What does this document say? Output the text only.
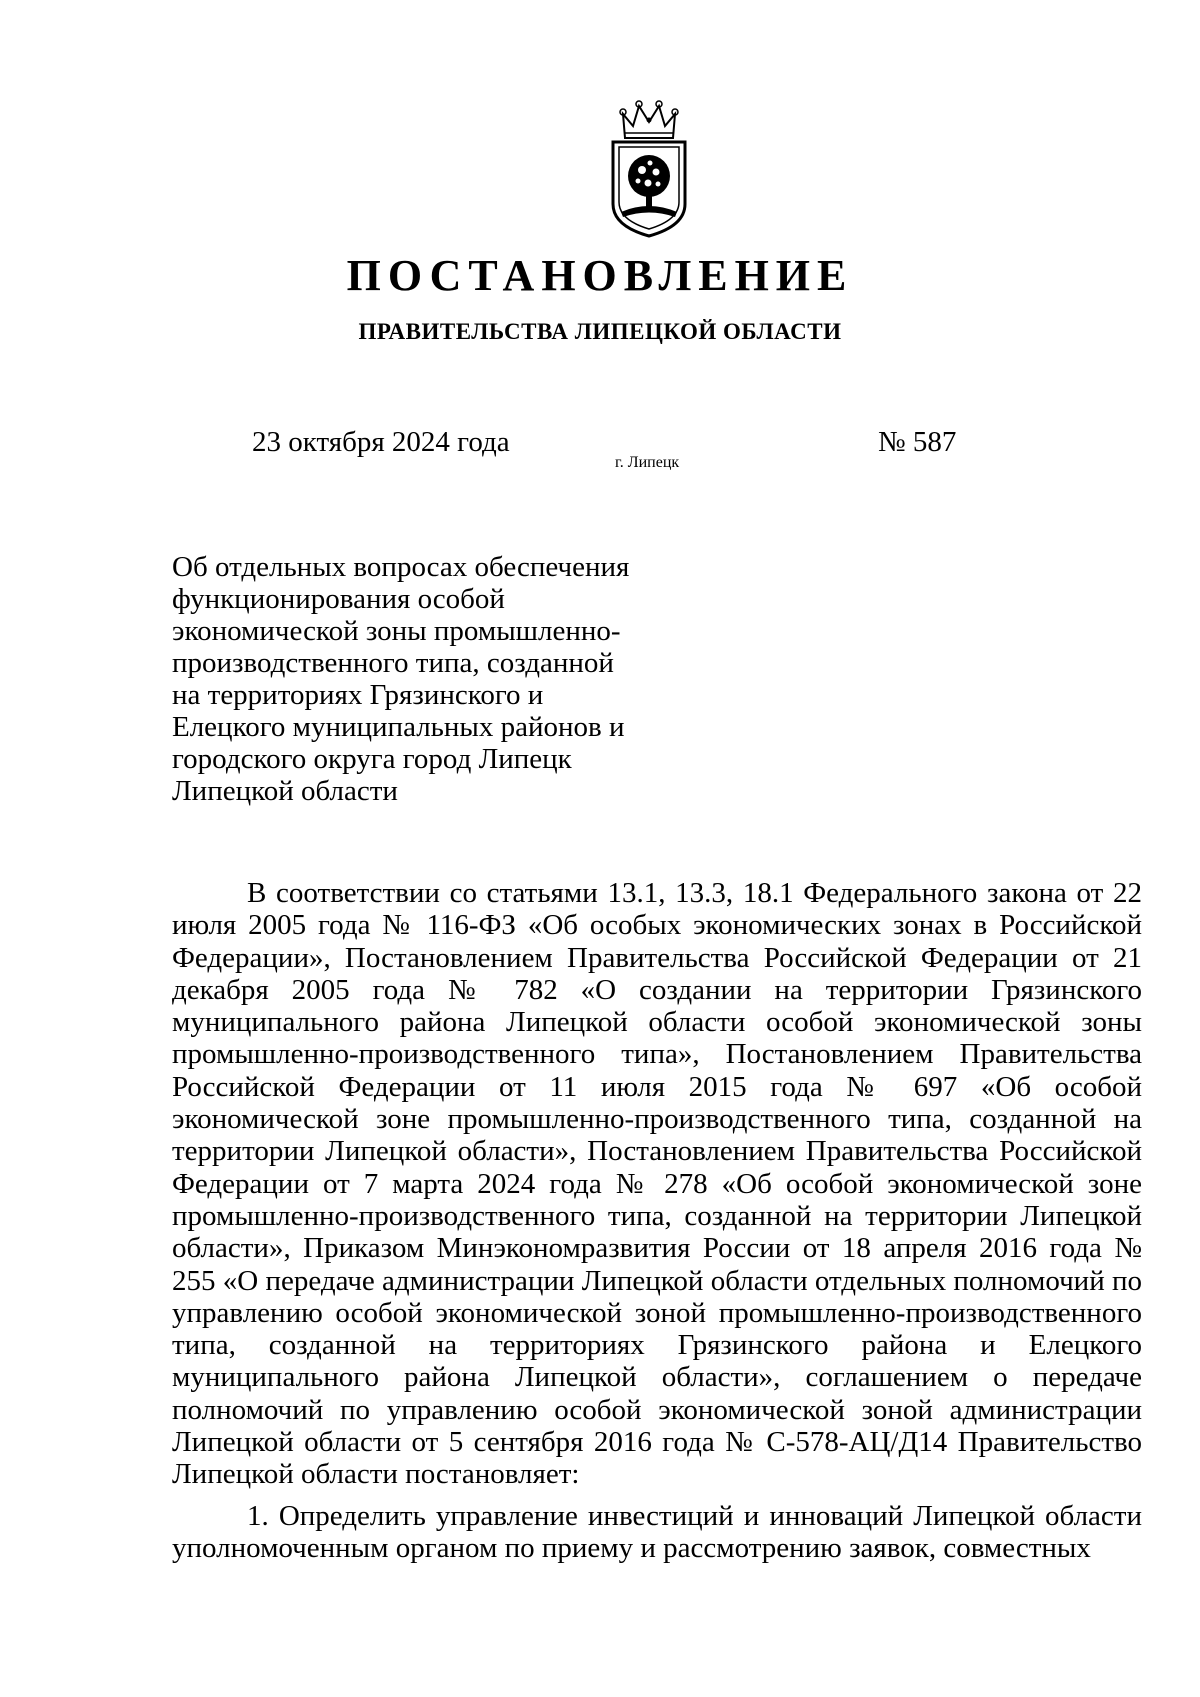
ПОСТАНОВЛЕНИЕ
ПРАВИТЕЛЬСТВА ЛИПЕЦКОЙ ОБЛАСТИ
23 октября 2024 года
г. Липецк
№ 587
Об отдельных вопросах обеспечения
функционирования особой
экономической зоны промышленно-
производственного типа, созданной
на территориях Грязинского и
Елецкого муниципальных районов и
городского округа город Липецк
Липецкой области

В соответствии со статьями 13.1, 13.3, 18.1 Федерального закона от 22 июля 2005 года № 116-ФЗ «Об особых экономических зонах в Российской Федерации», Постановлением Правительства Российской Федерации от 21 декабря 2005 года № 782 «О создании на территории Грязинского муниципального района Липецкой области особой экономической зоны промышленно-производственного типа», Постановлением Правительства Российской Федерации от 11 июля 2015 года № 697 «Об особой экономической зоне промышленно-производственного типа, созданной на территории Липецкой области», Постановлением Правительства Российской Федерации от 7 марта 2024 года № 278 «Об особой экономической зоне промышленно-производственного типа, созданной на территории Липецкой области», Приказом Минэкономразвития России от 18 апреля 2016 года № 255 «О передаче администрации Липецкой области отдельных полномочий по управлению особой экономической зоной промышленно-производственного типа, созданной на территориях Грязинского района и Елецкого муниципального района Липецкой области», соглашением о передаче полномочий по управлению особой экономической зоной администрации Липецкой области от 5 сентября 2016 года № С-578-АЦ/Д14 Правительство Липецкой области постановляет:

1. Определить управление инвестиций и инноваций Липецкой области уполномоченным органом по приему и рассмотрению заявок, совместных
